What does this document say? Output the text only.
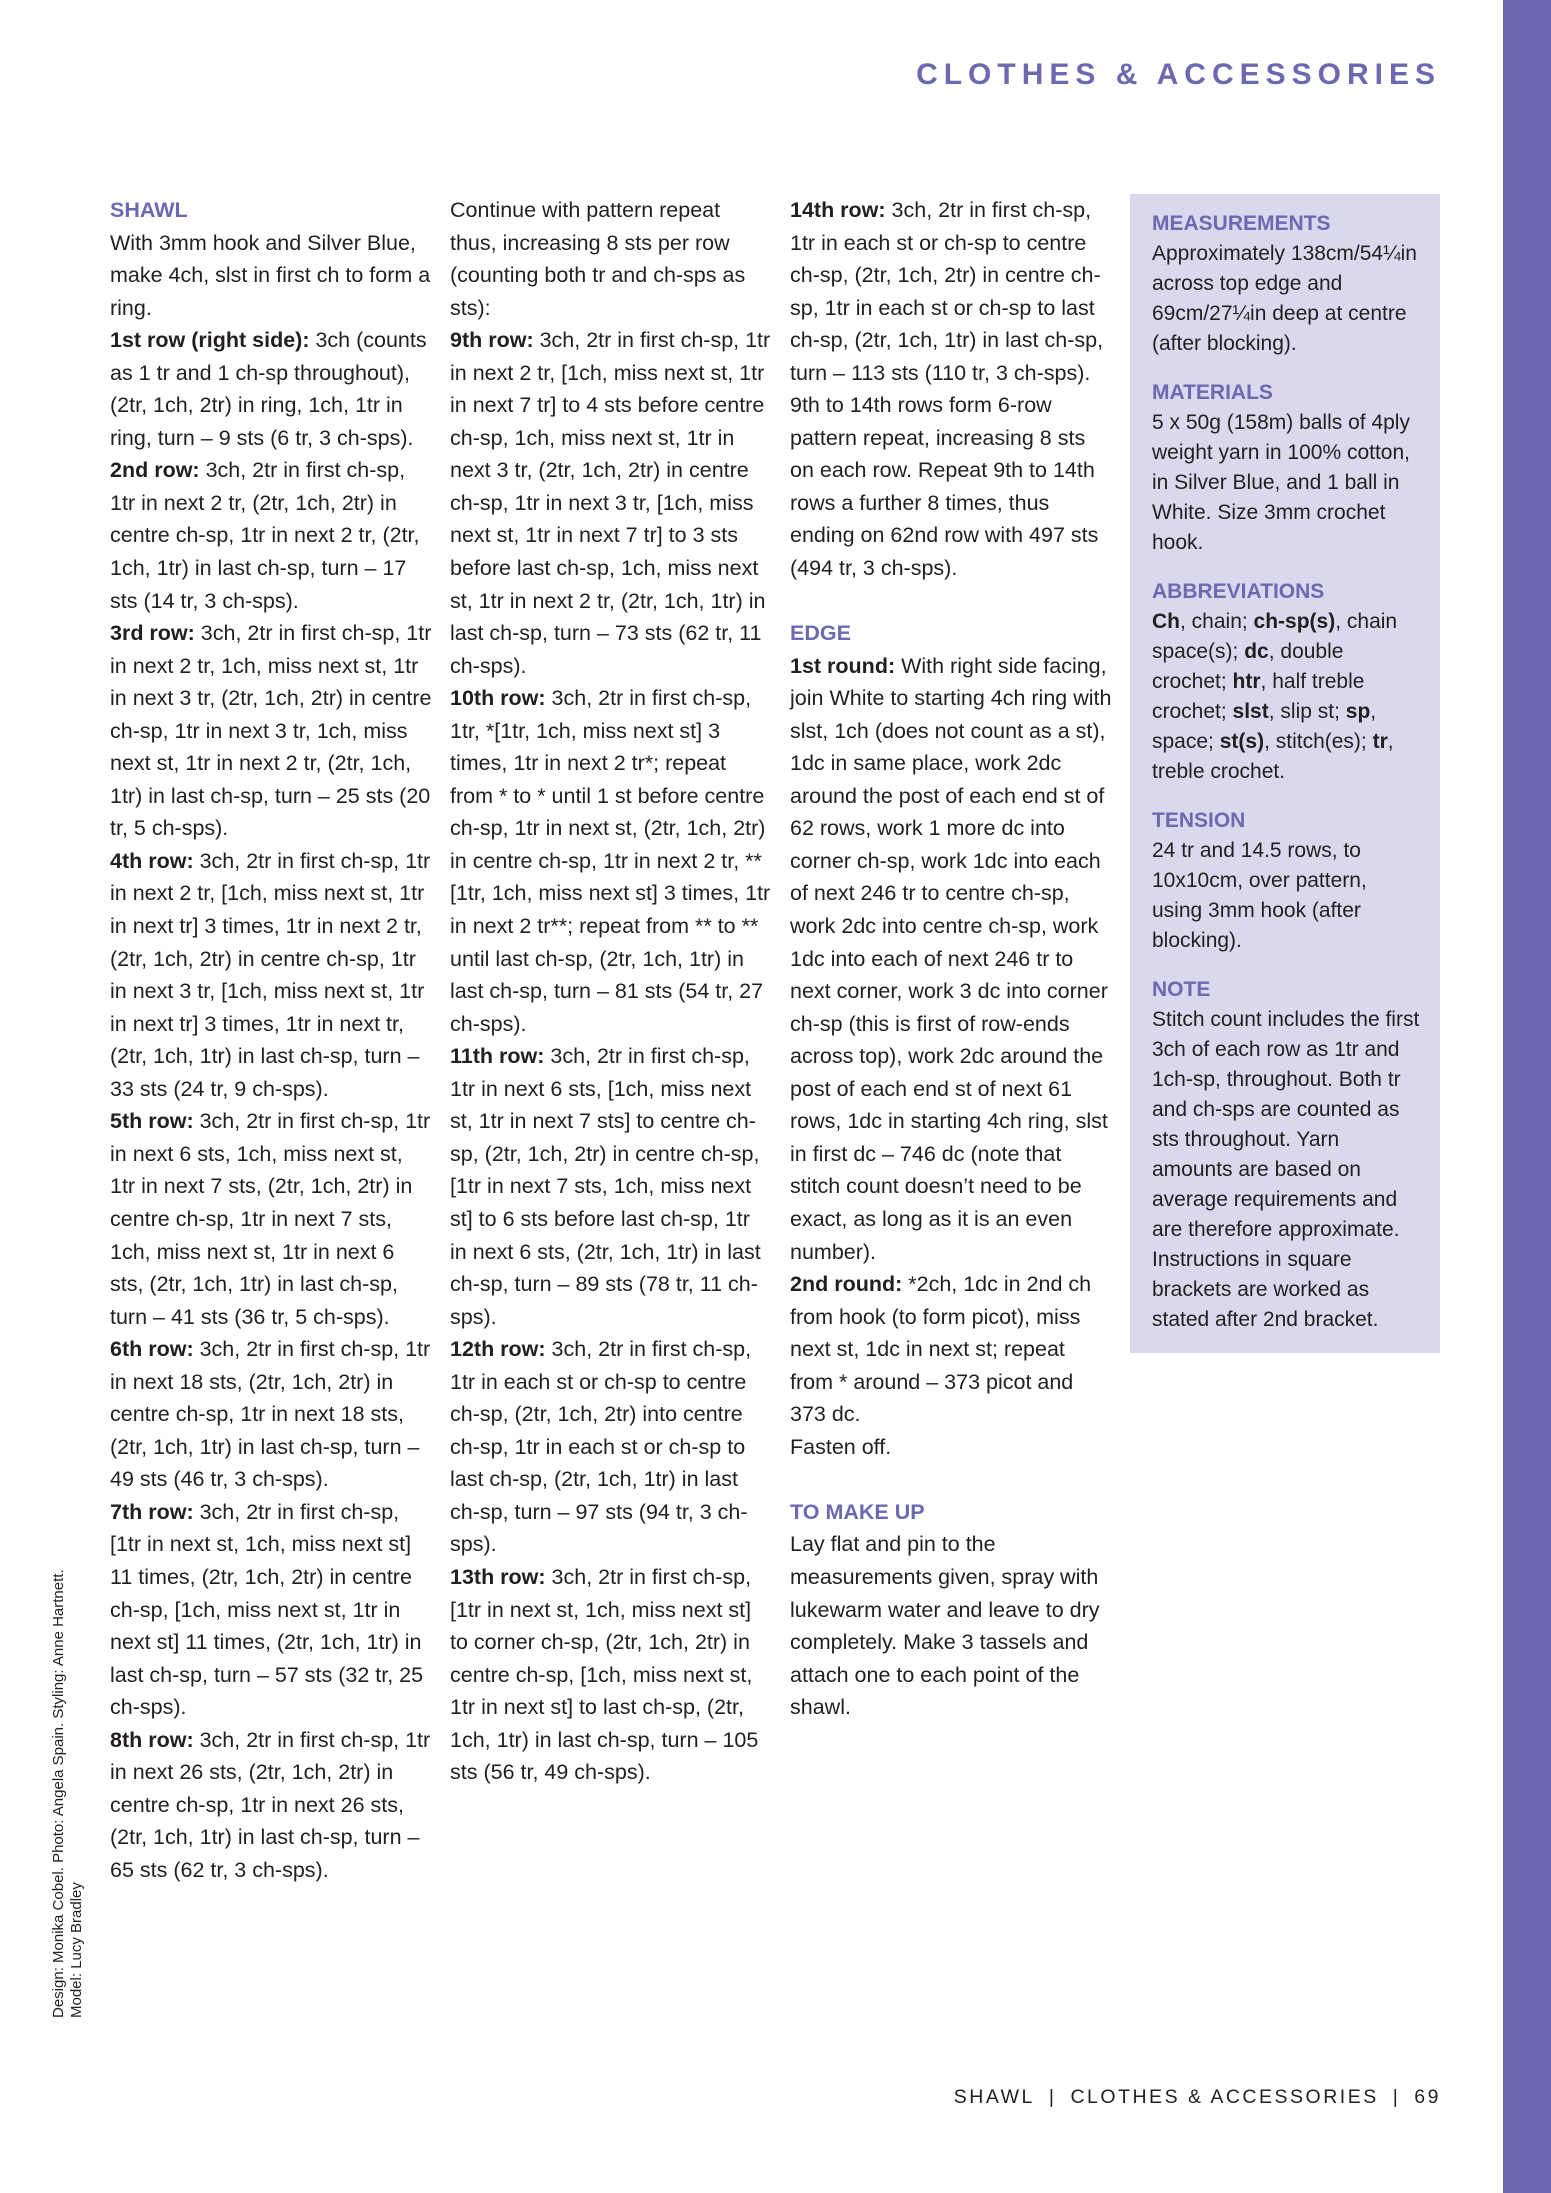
CLOTHES & ACCESSORIES
Design: Monika Cobel. Photo: Angela Spain. Styling: Anne Hartnett. Model: Lucy Bradley
SHAWL

With 3mm hook and Silver Blue, make 4ch, slst in first ch to form a ring.

1st row (right side): 3ch (counts as 1 tr and 1 ch-sp throughout), (2tr, 1ch, 2tr) in ring, 1ch, 1tr in ring, turn – 9 sts (6 tr, 3 ch-sps).

2nd row: 3ch, 2tr in first ch-sp, 1tr in next 2 tr, (2tr, 1ch, 2tr) in centre ch-sp, 1tr in next 2 tr, (2tr, 1ch, 1tr) in last ch-sp, turn – 17 sts (14 tr, 3 ch-sps).

3rd row: 3ch, 2tr in first ch-sp, 1tr in next 2 tr, 1ch, miss next st, 1tr in next 3 tr, (2tr, 1ch, 2tr) in centre ch-sp, 1tr in next 3 tr, 1ch, miss next st, 1tr in next 2 tr, (2tr, 1ch, 1tr) in last ch-sp, turn – 25 sts (20 tr, 5 ch-sps).

4th row: 3ch, 2tr in first ch-sp, 1tr in next 2 tr, [1ch, miss next st, 1tr in next tr] 3 times, 1tr in next 2 tr, (2tr, 1ch, 2tr) in centre ch-sp, 1tr in next 3 tr, [1ch, miss next st, 1tr in next tr] 3 times, 1tr in next tr, (2tr, 1ch, 1tr) in last ch-sp, turn – 33 sts (24 tr, 9 ch-sps).

5th row: 3ch, 2tr in first ch-sp, 1tr in next 6 sts, 1ch, miss next st, 1tr in next 7 sts, (2tr, 1ch, 2tr) in centre ch-sp, 1tr in next 7 sts, 1ch, miss next st, 1tr in next 6 sts, (2tr, 1ch, 1tr) in last ch-sp, turn – 41 sts (36 tr, 5 ch-sps).

6th row: 3ch, 2tr in first ch-sp, 1tr in next 18 sts, (2tr, 1ch, 2tr) in centre ch-sp, 1tr in next 18 sts, (2tr, 1ch, 1tr) in last ch-sp, turn – 49 sts (46 tr, 3 ch-sps).

7th row: 3ch, 2tr in first ch-sp, [1tr in next st, 1ch, miss next st] 11 times, (2tr, 1ch, 2tr) in centre ch-sp, [1ch, miss next st, 1tr in next st] 11 times, (2tr, 1ch, 1tr) in last ch-sp, turn – 57 sts (32 tr, 25 ch-sps).

8th row: 3ch, 2tr in first ch-sp, 1tr in next 26 sts, (2tr, 1ch, 2tr) in centre ch-sp, 1tr in next 26 sts, (2tr, 1ch, 1tr) in last ch-sp, turn – 65 sts (62 tr, 3 ch-sps).

Continue with pattern repeat thus, increasing 8 sts per row (counting both tr and ch-sps as sts):

9th row: 3ch, 2tr in first ch-sp, 1tr in next 2 tr, [1ch, miss next st, 1tr in next 7 tr] to 4 sts before centre ch-sp, 1ch, miss next st, 1tr in next 3 tr, (2tr, 1ch, 2tr) in centre ch-sp, 1tr in next 3 tr, [1ch, miss next st, 1tr in next 7 tr] to 3 sts before last ch-sp, 1ch, miss next st, 1tr in next 2 tr, (2tr, 1ch, 1tr) in last ch-sp, turn – 73 sts (62 tr, 11 ch-sps).

10th row: 3ch, 2tr in first ch-sp, 1tr, *[1tr, 1ch, miss next st] 3 times, 1tr in next 2 tr*; repeat from * to * until 1 st before centre ch-sp, 1tr in next st, (2tr, 1ch, 2tr) in centre ch-sp, 1tr in next 2 tr, **[1tr, 1ch, miss next st] 3 times, 1tr in next 2 tr**; repeat from ** to ** until last ch-sp, (2tr, 1ch, 1tr) in last ch-sp, turn – 81 sts (54 tr, 27 ch-sps).

11th row: 3ch, 2tr in first ch-sp, 1tr in next 6 sts, [1ch, miss next st, 1tr in next 7 sts] to centre ch-sp, (2tr, 1ch, 2tr) in centre ch-sp, [1tr in next 7 sts, 1ch, miss next st] to 6 sts before last ch-sp, 1tr in next 6 sts, (2tr, 1ch, 1tr) in last ch-sp, turn – 89 sts (78 tr, 11 ch-sps).

12th row: 3ch, 2tr in first ch-sp, 1tr in each st or ch-sp to centre ch-sp, (2tr, 1ch, 2tr) into centre ch-sp, 1tr in each st or ch-sp to last ch-sp, (2tr, 1ch, 1tr) in last ch-sp, turn – 97 sts (94 tr, 3 ch-sps).

13th row: 3ch, 2tr in first ch-sp, [1tr in next st, 1ch, miss next st] to corner ch-sp, (2tr, 1ch, 2tr) in centre ch-sp, [1ch, miss next st, 1tr in next st] to last ch-sp, (2tr, 1ch, 1tr) in last ch-sp, turn – 105 sts (56 tr, 49 ch-sps).

14th row: 3ch, 2tr in first ch-sp, 1tr in each st or ch-sp to centre ch-sp, (2tr, 1ch, 2tr) in centre ch-sp, 1tr in each st or ch-sp to last ch-sp, (2tr, 1ch, 1tr) in last ch-sp, turn – 113 sts (110 tr, 3 ch-sps).

9th to 14th rows form 6-row pattern repeat, increasing 8 sts on each row. Repeat 9th to 14th rows a further 8 times, thus ending on 62nd row with 497 sts (494 tr, 3 ch-sps).

EDGE

1st round: With right side facing, join White to starting 4ch ring with slst, 1ch (does not count as a st), 1dc in same place, work 2dc around the post of each end st of 62 rows, work 1 more dc into corner ch-sp, work 1dc into each of next 246 tr to centre ch-sp, work 2dc into centre ch-sp, work 1dc into each of next 246 tr to next corner, work 3 dc into corner ch-sp (this is first of row-ends across top), work 2dc around the post of each end st of next 61 rows, 1dc in starting 4ch ring, slst in first dc – 746 dc (note that stitch count doesn’t need to be exact, as long as it is an even number).

2nd round: *2ch, 1dc in 2nd ch from hook (to form picot), miss next st, 1dc in next st; repeat from * around – 373 picot and 373 dc.

Fasten off.

TO MAKE UP

Lay flat and pin to the measurements given, spray with lukewarm water and leave to dry completely. Make 3 tassels and attach one to each point of the shawl.

MEASUREMENTS

Approximately 138cm/54¼in across top edge and 69cm/27¼in deep at centre (after blocking).

MATERIALS

5 x 50g (158m) balls of 4ply weight yarn in 100% cotton, in Silver Blue, and 1 ball in White. Size 3mm crochet hook.

ABBREVIATIONS

Ch, chain; ch-sp(s), chain space(s); dc, double crochet; htr, half treble crochet; slst, slip st; sp, space; st(s), stitch(es); tr, treble crochet.

TENSION

24 tr and 14.5 rows, to 10x10cm, over pattern, using 3mm hook (after blocking).

NOTE

Stitch count includes the first 3ch of each row as 1tr and 1ch-sp, throughout. Both tr and ch-sps are counted as sts throughout. Yarn amounts are based on average requirements and are therefore approximate. Instructions in square brackets are worked as stated after 2nd bracket.

SHAWL | CLOTHES & ACCESSORIES | 69
